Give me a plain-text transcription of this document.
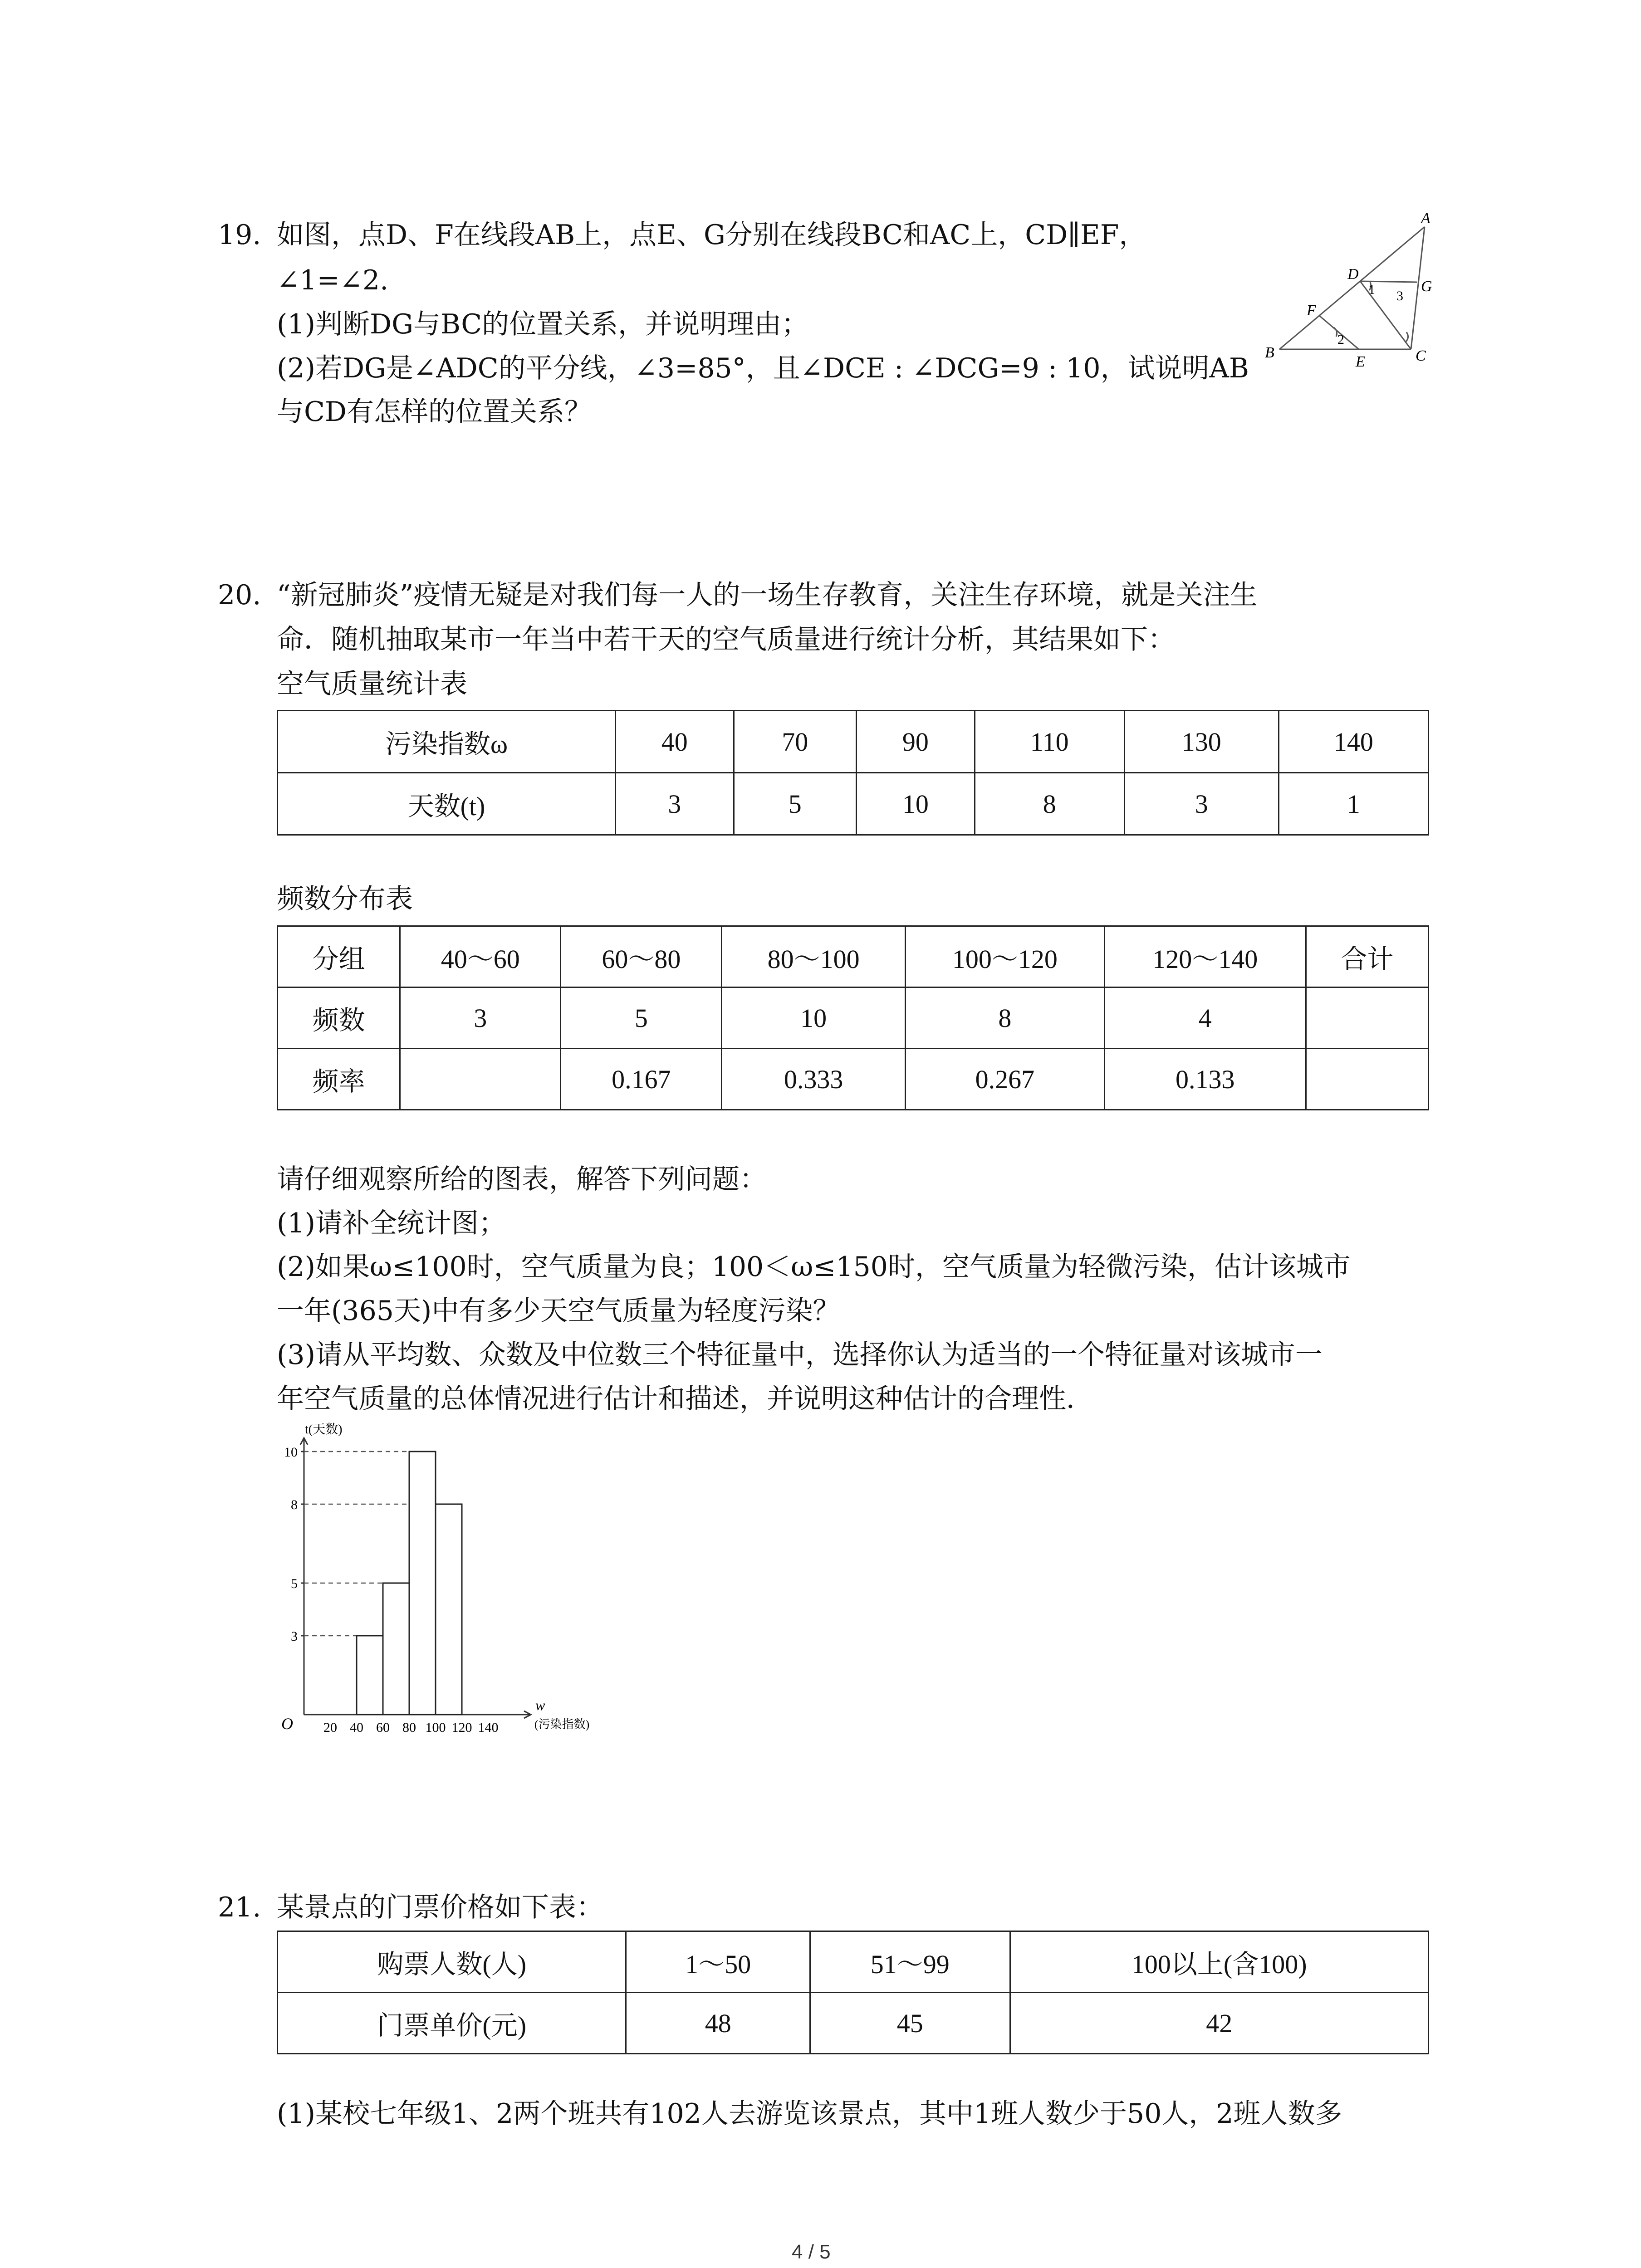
19. 如图，点D、F在线段AB上，点E、G分别在线段BC和AC上，CD∥EF，
∠1=∠2.
(1)判断DG与BC的位置关系，并说明理由；
(2)若DG是∠ADC的平分线，∠3=85°，且∠DCE : ∠DCG=9 : 10，试说明AB
与CD有怎样的位置关系？
A
B	C
D
E
F
G
1
2
3
20. “新冠肺炎”疫情无疑是对我们每一人的一场生存教育，关注生存环境，就是关注生
命．随机抽取某市一年当中若干天的空气质量进行统计分析，其结果如下：
空气质量统计表
污染指数ω	40	70	90	110	130	140
天数(t)	3	5	10	8	3	1
频数分布表
分组	40～60	60～80	80～100	100～120	120～140	合计
频数	3	5	10	8	4	
频率		0.167	0.333	0.267	0.133	
请仔细观察所给的图表，解答下列问题：
(1)请补全统计图；
(2)如果ω≤100时，空气质量为良；100＜ω≤150时，空气质量为轻微污染，估计该城市
一年(365天)中有多少天空气质量为轻度污染？
(3)请从平均数、众数及中位数三个特征量中，选择你认为适当的一个特征量对该城市一
年空气质量的总体情况进行估计和描述，并说明这种估计的合理性．
20 40 60 80 100 120 140
3
5
8
10
O
t(天数)
w
(污染指数)
21. 某景点的门票价格如下表：
购票人数(人)	1～50	51～99	100以上(含100)
门票单价(元)	48	45	42
(1)某校七年级1、2两个班共有102人去游览该景点，其中1班人数少于50人，2班人数多
4 / 5
